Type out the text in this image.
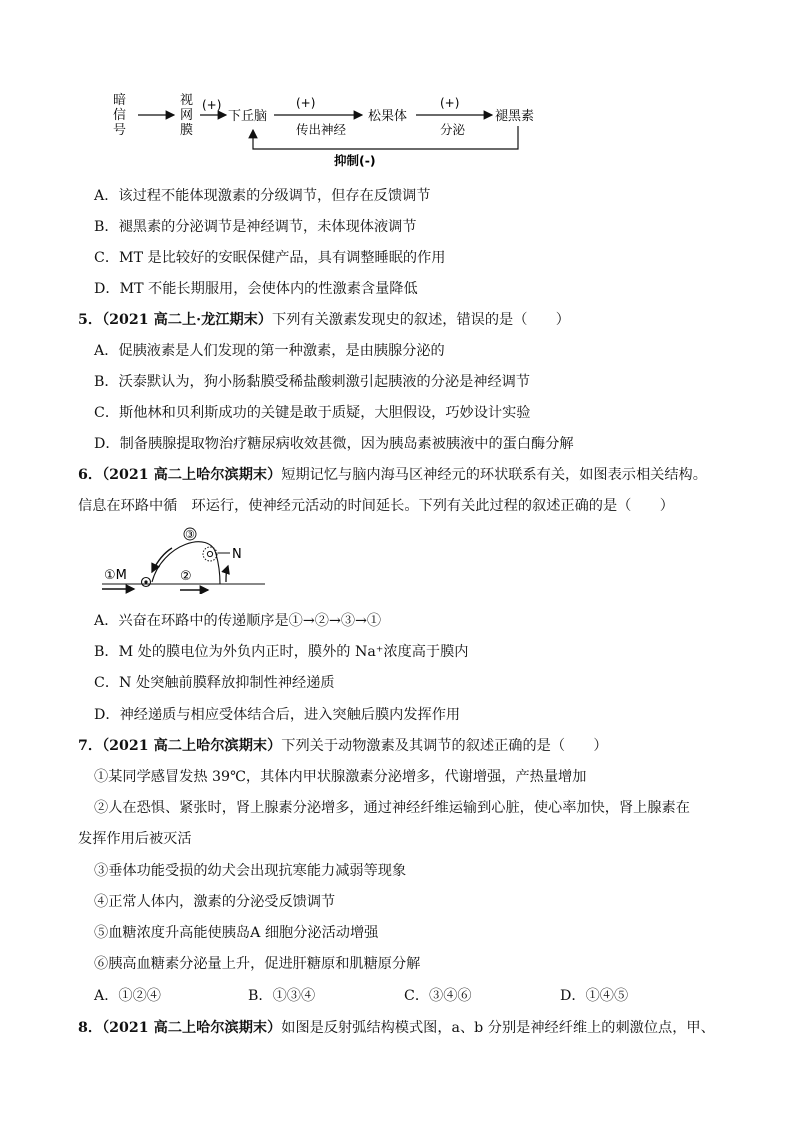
暗
信
号
视
网
膜
(+)
下丘脑
(+)
传出神经
松果体
(+)
分泌
褪黑素
抑制(-)
A．该过程不能体现激素的分级调节，但存在反馈调节
B．褪黑素的分泌调节是神经调节，未体现体液调节
C．MT 是比较好的安眠保健产品，具有调整睡眠的作用
D．MT 不能长期服用，会使体内的性激素含量降低
5．（2021 高二上·龙江期末）下列有关激素发现史的叙述，错误的是（　　）
A．促胰液素是人们发现的第一种激素，是由胰腺分泌的
B．沃泰默认为，狗小肠黏膜受稀盐酸刺激引起胰液的分泌是神经调节
C．斯他林和贝利斯成功的关键是敢于质疑，大胆假设，巧妙设计实验
D．制备胰腺提取物治疗糖尿病收效甚微，因为胰岛素被胰液中的蛋白酶分解
6．（2021 高二上哈尔滨期末）短期记忆与脑内海马区神经元的环状联系有关，如图表示相关结构。
信息在环路中循　环运行，使神经元活动的时间延长。下列有关此过程的叙述正确的是（　　）
①M
N
③
②
A．兴奋在环路中的传递顺序是①→②→③→①
B．M 处的膜电位为外负内正时，膜外的 Na⁺浓度高于膜内
C．N 处突触前膜释放抑制性神经递质
D．神经递质与相应受体结合后，进入突触后膜内发挥作用
7．（2021 高二上哈尔滨期末）下列关于动物激素及其调节的叙述正确的是（　　）
①某同学感冒发热 39℃，其体内甲状腺激素分泌增多，代谢增强，产热量增加
②人在恐惧、紧张时，肾上腺素分泌增多，通过神经纤维运输到心脏，使心率加快，肾上腺素在
发挥作用后被灭活
③垂体功能受损的幼犬会出现抗寒能力减弱等现象
④正常人体内，激素的分泌受反馈调节
⑤血糖浓度升高能使胰岛A 细胞分泌活动增强
⑥胰高血糖素分泌量上升，促进肝糖原和肌糖原分解
A．①②④	B．①③④	C．③④⑥	D．①④⑤
8．（2021 高二上哈尔滨期末）如图是反射弧结构模式图，a、b 分别是神经纤维上的刺激位点，甲、
